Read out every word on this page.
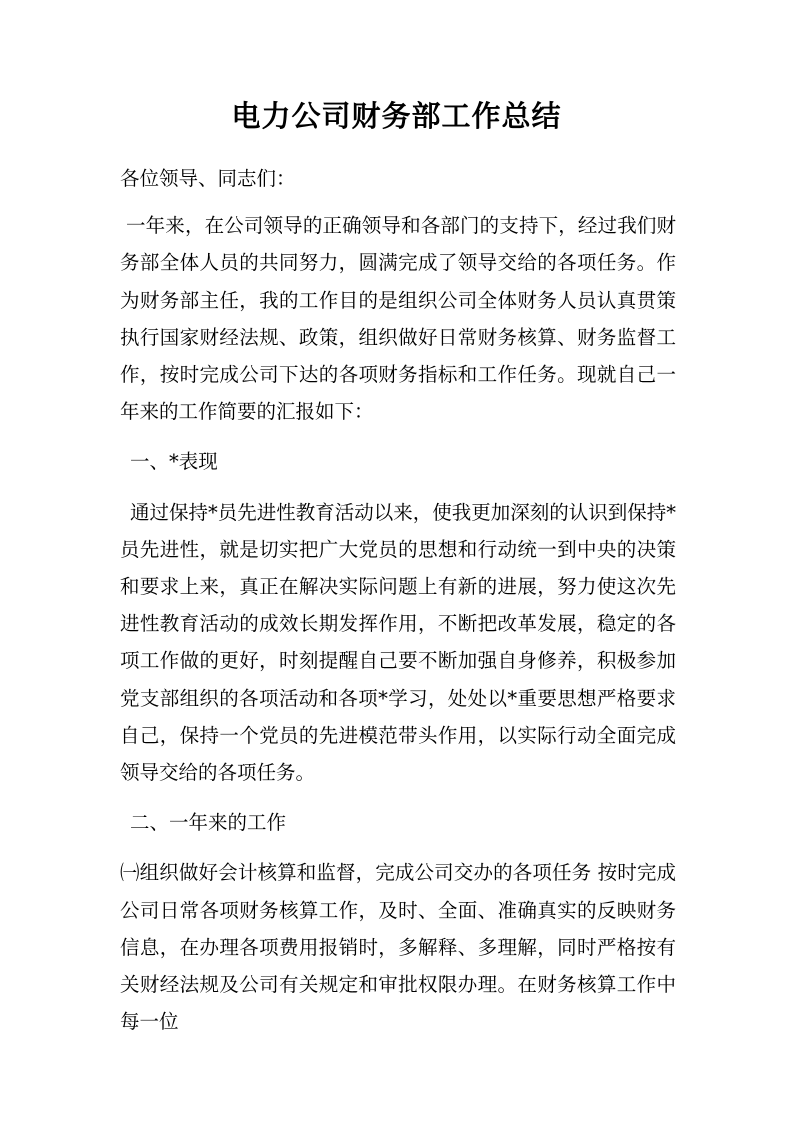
电力公司财务部工作总结

各位领导、同志们：

一年来，在公司领导的正确领导和各部门的支持下，经过我们财务部全体人员的共同努力，圆满完成了领导交给的各项任务。作为财务部主任，我的工作目的是组织公司全体财务人员认真贯策执行国家财经法规、政策，组织做好日常财务核算、财务监督工作，按时完成公司下达的各项财务指标和工作任务。现就自己一年来的工作简要的汇报如下：

一、*表现

通过保持*员先进性教育活动以来，使我更加深刻的认识到保持*员先进性，就是切实把广大党员的思想和行动统一到中央的决策和要求上来，真正在解决实际问题上有新的进展，努力使这次先进性教育活动的成效长期发挥作用，不断把改革发展，稳定的各项工作做的更好，时刻提醒自己要不断加强自身修养，积极参加党支部组织的各项活动和各项*学习，处处以*重要思想严格要求自己，保持一个党员的先进模范带头作用，以实际行动全面完成领导交给的各项任务。

二、一年来的工作

㈠组织做好会计核算和监督，完成公司交办的各项任务 按时完成公司日常各项财务核算工作，及时、全面、准确真实的反映财务信息，在办理各项费用报销时，多解释、多理解，同时严格按有关财经法规及公司有关规定和审批权限办理。在财务核算工作中每一位
